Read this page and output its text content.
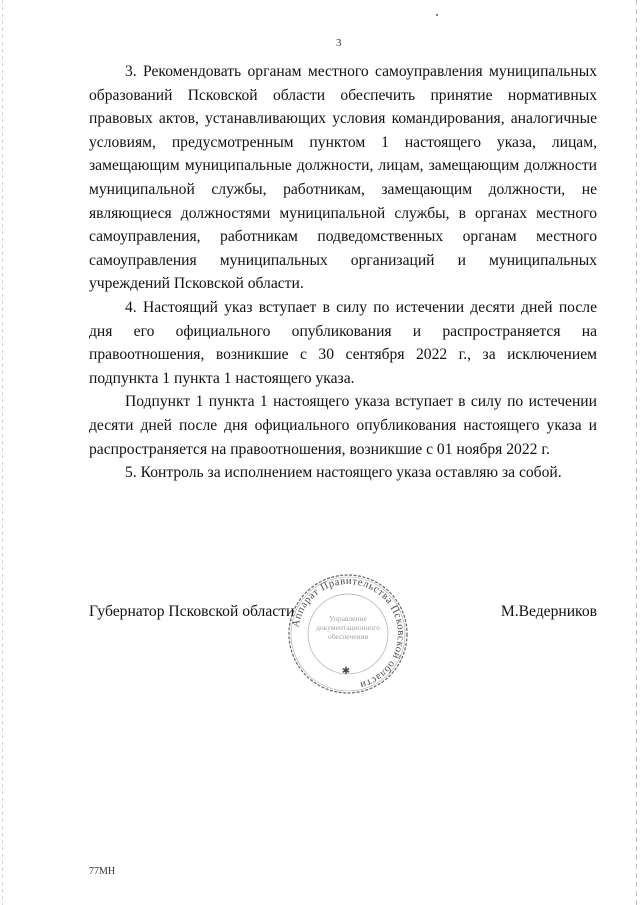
3

3. Рекомендовать органам местного самоуправления муниципальных образований Псковской области обеспечить принятие нормативных правовых актов, устанавливающих условия командирования, аналогичные условиям, предусмотренным пунктом 1 настоящего указа, лицам, замещающим муниципальные должности, лицам, замещающим должности муниципальной службы, работникам, замещающим должности, не являющиеся должностями муниципальной службы, в органах местного самоуправления, работникам подведомственных органам местного самоуправления муниципальных организаций и муниципальных учреждений Псковской области.

4. Настоящий указ вступает в силу по истечении десяти дней после дня его официального опубликования и распространяется на правоотношения, возникшие с 30 сентября 2022 г., за исключением подпункта 1 пункта 1 настоящего указа.

Подпункт 1 пункта 1 настоящего указа вступает в силу по истечении десяти дней после дня официального опубликования настоящего указа и распространяется на правоотношения, возникшие с 01 ноября 2022 г.

5. Контроль за исполнением настоящего указа оставляю за собой.

Губернатор Псковской области	М.Ведерников
Аппарат Правительства Псковской области
Управление документационного обеспечения
✱
77МН
